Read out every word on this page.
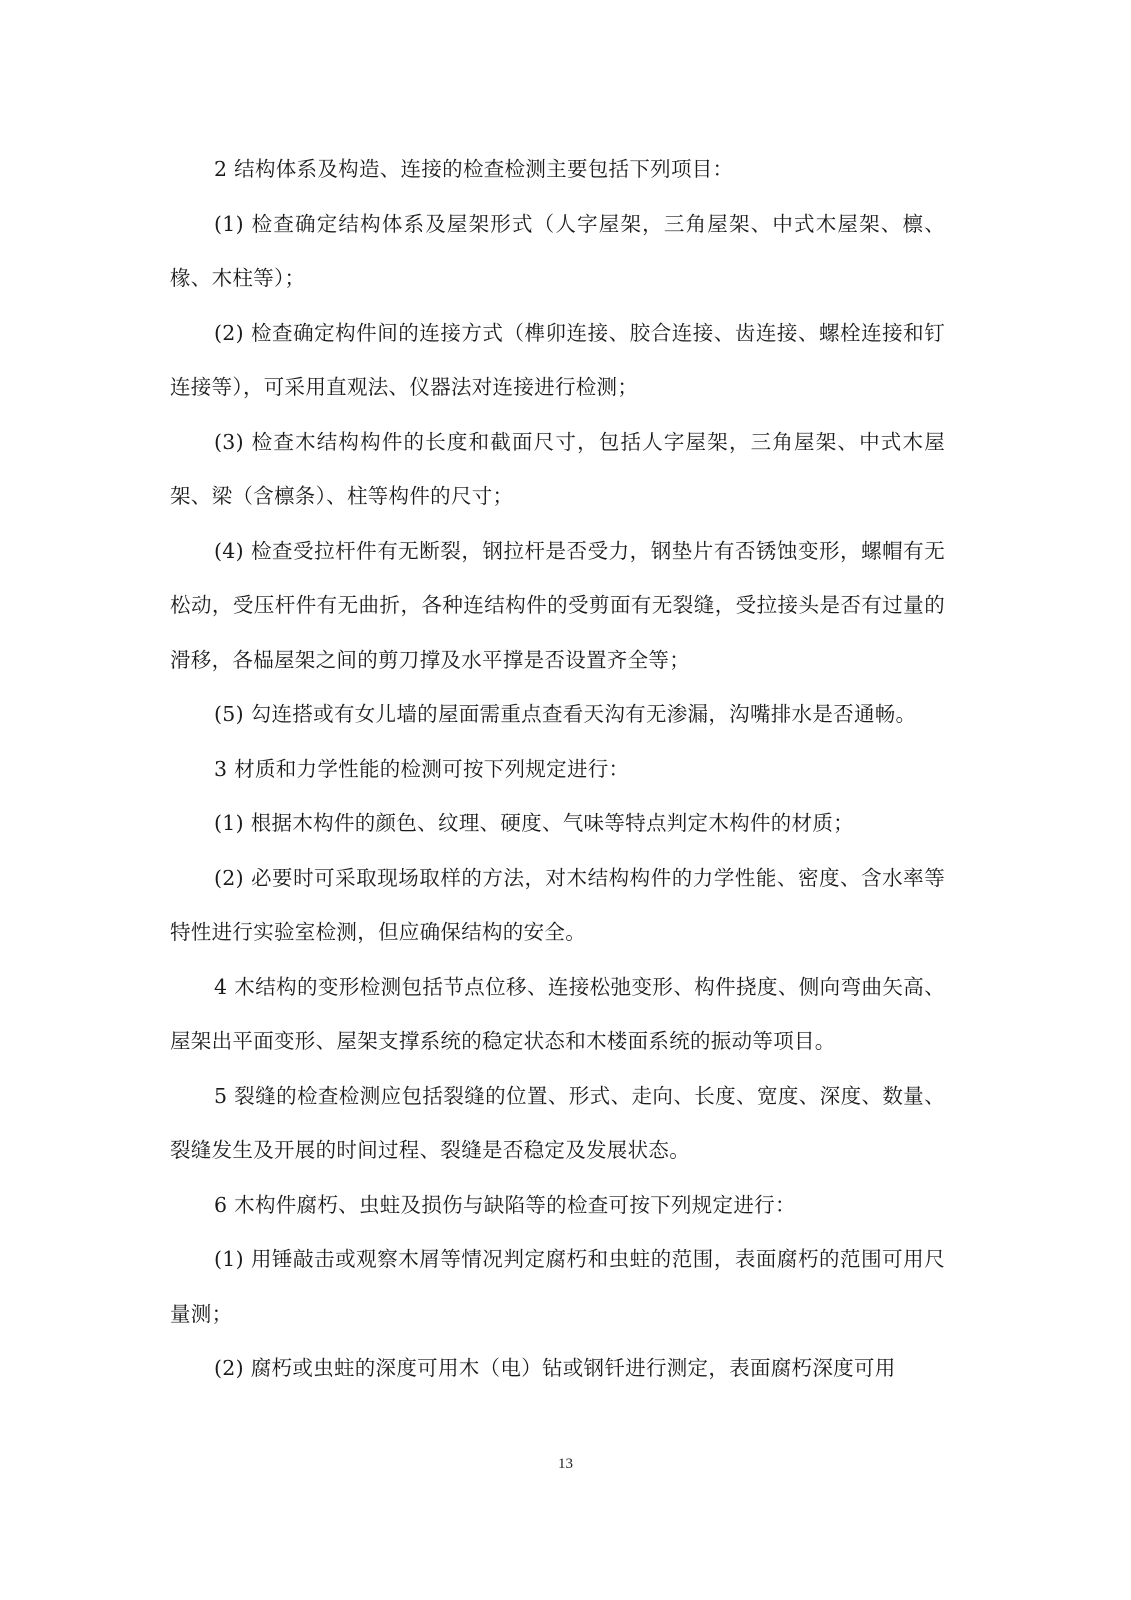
2 结构体系及构造、连接的检查检测主要包括下列项目：

(1) 检查确定结构体系及屋架形式（人字屋架，三角屋架、中式木屋架、檩、椽、木柱等）；

(2) 检查确定构件间的连接方式（榫卯连接、胶合连接、齿连接、螺栓连接和钉连接等），可采用直观法、仪器法对连接进行检测；

(3) 检查木结构构件的长度和截面尺寸，包括人字屋架，三角屋架、中式木屋架、梁（含檩条）、柱等构件的尺寸；

(4) 检查受拉杆件有无断裂，钢拉杆是否受力，钢垫片有否锈蚀变形，螺帽有无松动，受压杆件有无曲折，各种连结构件的受剪面有无裂缝，受拉接头是否有过量的滑移，各榀屋架之间的剪刀撑及水平撑是否设置齐全等；

(5) 勾连搭或有女儿墙的屋面需重点查看天沟有无渗漏，沟嘴排水是否通畅。

3 材质和力学性能的检测可按下列规定进行：

(1) 根据木构件的颜色、纹理、硬度、气味等特点判定木构件的材质；

(2) 必要时可采取现场取样的方法，对木结构构件的力学性能、密度、含水率等特性进行实验室检测，但应确保结构的安全。

4 木结构的变形检测包括节点位移、连接松弛变形、构件挠度、侧向弯曲矢高、屋架出平面变形、屋架支撑系统的稳定状态和木楼面系统的振动等项目。

5 裂缝的检查检测应包括裂缝的位置、形式、走向、长度、宽度、深度、数量、裂缝发生及开展的时间过程、裂缝是否稳定及发展状态。

6 木构件腐朽、虫蛀及损伤与缺陷等的检查可按下列规定进行：

(1) 用锤敲击或观察木屑等情况判定腐朽和虫蛀的范围，表面腐朽的范围可用尺量测；

(2) 腐朽或虫蛀的深度可用木（电）钻或钢钎进行测定，表面腐朽深度可用

13
